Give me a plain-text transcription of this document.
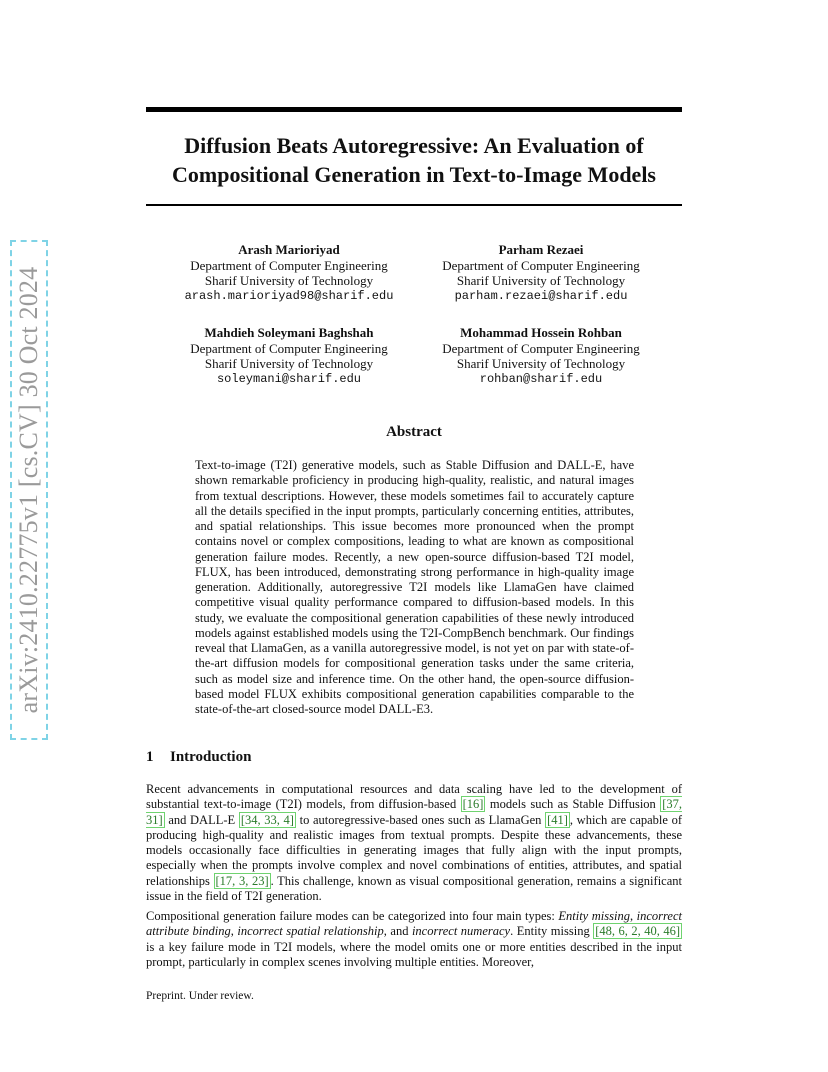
arXiv:2410.22775v1 [cs.CV] 30 Oct 2024
Diffusion Beats Autoregressive: An Evaluation of
Compositional Generation in Text-to-Image Models
Arash Marioriyad
Department of Computer Engineering
Sharif University of Technology
arash.marioriyad98@sharif.edu
Parham Rezaei
Department of Computer Engineering
Sharif University of Technology
parham.rezaei@sharif.edu
Mahdieh Soleymani Baghshah
Department of Computer Engineering
Sharif University of Technology
soleymani@sharif.edu
Mohammad Hossein Rohban
Department of Computer Engineering
Sharif University of Technology
rohban@sharif.edu
Abstract
Text-to-image (T2I) generative models, such as Stable Diffusion and DALL-E, have shown remarkable proficiency in producing high-quality, realistic, and natural images from textual descriptions. However, these models sometimes fail to accurately capture all the details specified in the input prompts, particularly concerning entities, attributes, and spatial relationships. This issue becomes more pronounced when the prompt contains novel or complex compositions, leading to what are known as compositional generation failure modes. Recently, a new open-source diffusion-based T2I model, FLUX, has been introduced, demonstrating strong performance in high-quality image generation. Additionally, autoregressive T2I models like LlamaGen have claimed competitive visual quality performance compared to diffusion-based models. In this study, we evaluate the compositional generation capabilities of these newly introduced models against established models using the T2I-CompBench benchmark. Our findings reveal that LlamaGen, as a vanilla autoregressive model, is not yet on par with state-of-the-art diffusion models for compositional generation tasks under the same criteria, such as model size and inference time. On the other hand, the open-source diffusion-based model FLUX exhibits compositional generation capabilities comparable to the state-of-the-art closed-source model DALL-E3.
1 Introduction
Recent advancements in computational resources and data scaling have led to the development of substantial text-to-image (T2I) models, from diffusion-based [16] models such as Stable Diffusion [37, 31] and DALL-E [34, 33, 4] to autoregressive-based ones such as LlamaGen [41] , which are capable of producing high-quality and realistic images from textual prompts. Despite these advancements, these models occasionally face difficulties in generating images that fully align with the input prompts, especially when the prompts involve complex and novel combinations of entities, attributes, and spatial relationships [17, 3, 23] . This challenge, known as visual compositional generation, remains a significant issue in the field of T2I generation.
Compositional generation failure modes can be categorized into four main types: Entity missing, incorrect attribute binding, incorrect spatial relationship, and incorrect numeracy. Entity missing [48, 6, 2, 40, 46] is a key failure mode in T2I models, where the model omits one or more entities described in the input prompt, particularly in complex scenes involving multiple entities. Moreover,
Preprint. Under review.
